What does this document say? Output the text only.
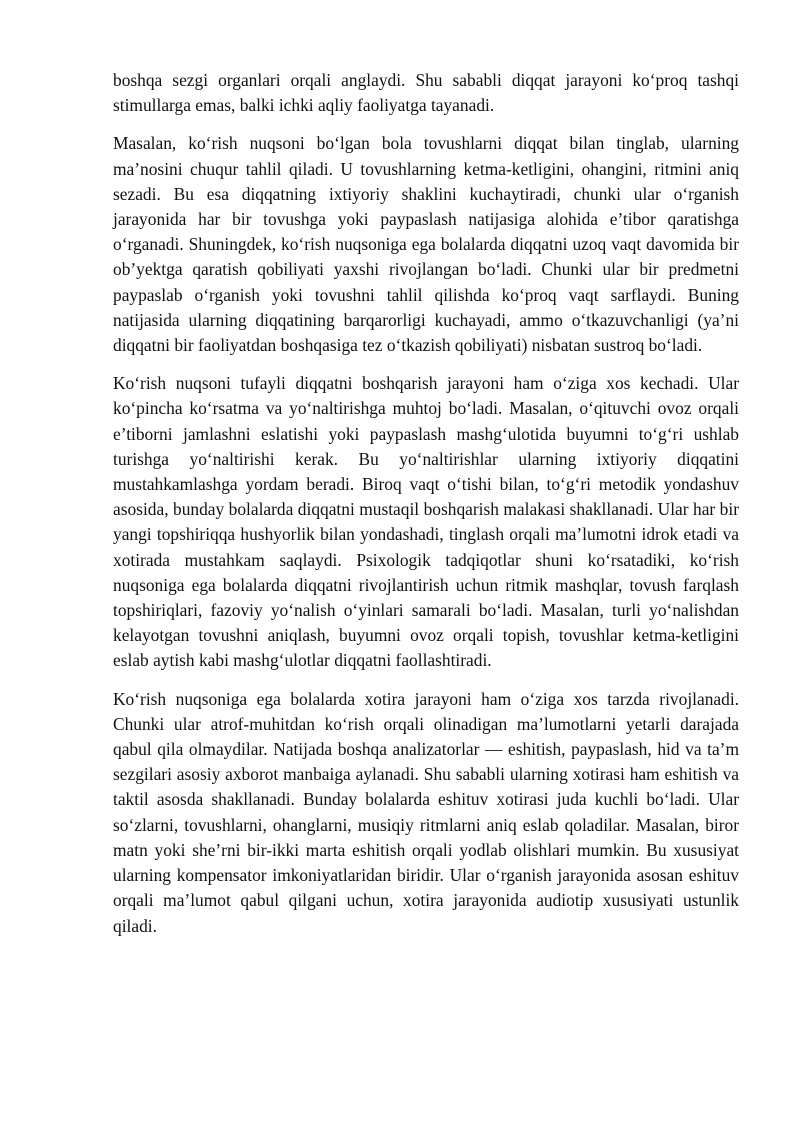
boshqa sezgi organlari orqali anglaydi. Shu sababli diqqat jarayoni ko‘proq tashqi stimullarga emas, balki ichki aqliy faoliyatga tayanadi.

Masalan, ko‘rish nuqsoni bo‘lgan bola tovushlarni diqqat bilan tinglab, ularning ma’nosini chuqur tahlil qiladi. U tovushlarning ketma-ketligini, ohangini, ritmini aniq sezadi. Bu esa diqqatning ixtiyoriy shaklini kuchaytiradi, chunki ular o‘rganish jarayonida har bir tovushga yoki paypaslash natijasiga alohida e’tibor qaratishga o‘rganadi. Shuningdek, ko‘rish nuqsoniga ega bolalarda diqqatni uzoq vaqt davomida bir ob’yektga qaratish qobiliyati yaxshi rivojlangan bo‘ladi. Chunki ular bir predmetni paypaslab o‘rganish yoki tovushni tahlil qilishda ko‘proq vaqt sarflaydi. Buning natijasida ularning diqqatining barqarorligi kuchayadi, ammo o‘tkazuvchanligi (ya’ni diqqatni bir faoliyatdan boshqasiga tez o‘tkazish qobiliyati) nisbatan sustroq bo‘ladi.

Ko‘rish nuqsoni tufayli diqqatni boshqarish jarayoni ham o‘ziga xos kechadi. Ular ko‘pincha ko‘rsatma va yo‘naltirishga muhtoj bo‘ladi. Masalan, o‘qituvchi ovoz orqali e’tiborni jamlashni eslatishi yoki paypaslash mashg‘ulotida buyumni to‘g‘ri ushlab turishga yo‘naltirishi kerak. Bu yo‘naltirishlar ularning ixtiyoriy diqqatini mustahkamlashga yordam beradi. Biroq vaqt o‘tishi bilan, to‘g‘ri metodik yondashuv asosida, bunday bolalarda diqqatni mustaqil boshqarish malakasi shakllanadi. Ular har bir yangi topshiriqqa hushyorlik bilan yondashadi, tinglash orqali ma’lumotni idrok etadi va xotirada mustahkam saqlaydi. Psixologik tadqiqotlar shuni ko‘rsatadiki, ko‘rish nuqsoniga ega bolalarda diqqatni rivojlantirish uchun ritmik mashqlar, tovush farqlash topshiriqlari, fazoviy yo‘nalish o‘yinlari samarali bo‘ladi. Masalan, turli yo‘nalishdan kelayotgan tovushni aniqlash, buyumni ovoz orqali topish, tovushlar ketma-ketligini eslab aytish kabi mashg‘ulotlar diqqatni faollashtiradi.

Ko‘rish nuqsoniga ega bolalarda xotira jarayoni ham o‘ziga xos tarzda rivojlanadi. Chunki ular atrof-muhitdan ko‘rish orqali olinadigan ma’lumotlarni yetarli darajada qabul qila olmaydilar. Natijada boshqa analizatorlar — eshitish, paypaslash, hid va ta’m sezgilari asosiy axborot manbaiga aylanadi. Shu sababli ularning xotirasi ham eshitish va taktil asosda shakllanadi. Bunday bolalarda eshituv xotirasi juda kuchli bo‘ladi. Ular so‘zlarni, tovushlarni, ohanglarni, musiqiy ritmlarni aniq eslab qoladilar. Masalan, biror matn yoki she’rni bir-ikki marta eshitish orqali yodlab olishlari mumkin. Bu xususiyat ularning kompensator imkoniyatlaridan biridir. Ular o‘rganish jarayonida asosan eshituv orqali ma’lumot qabul qilgani uchun, xotira jarayonida audiotip xususiyati ustunlik qiladi.
